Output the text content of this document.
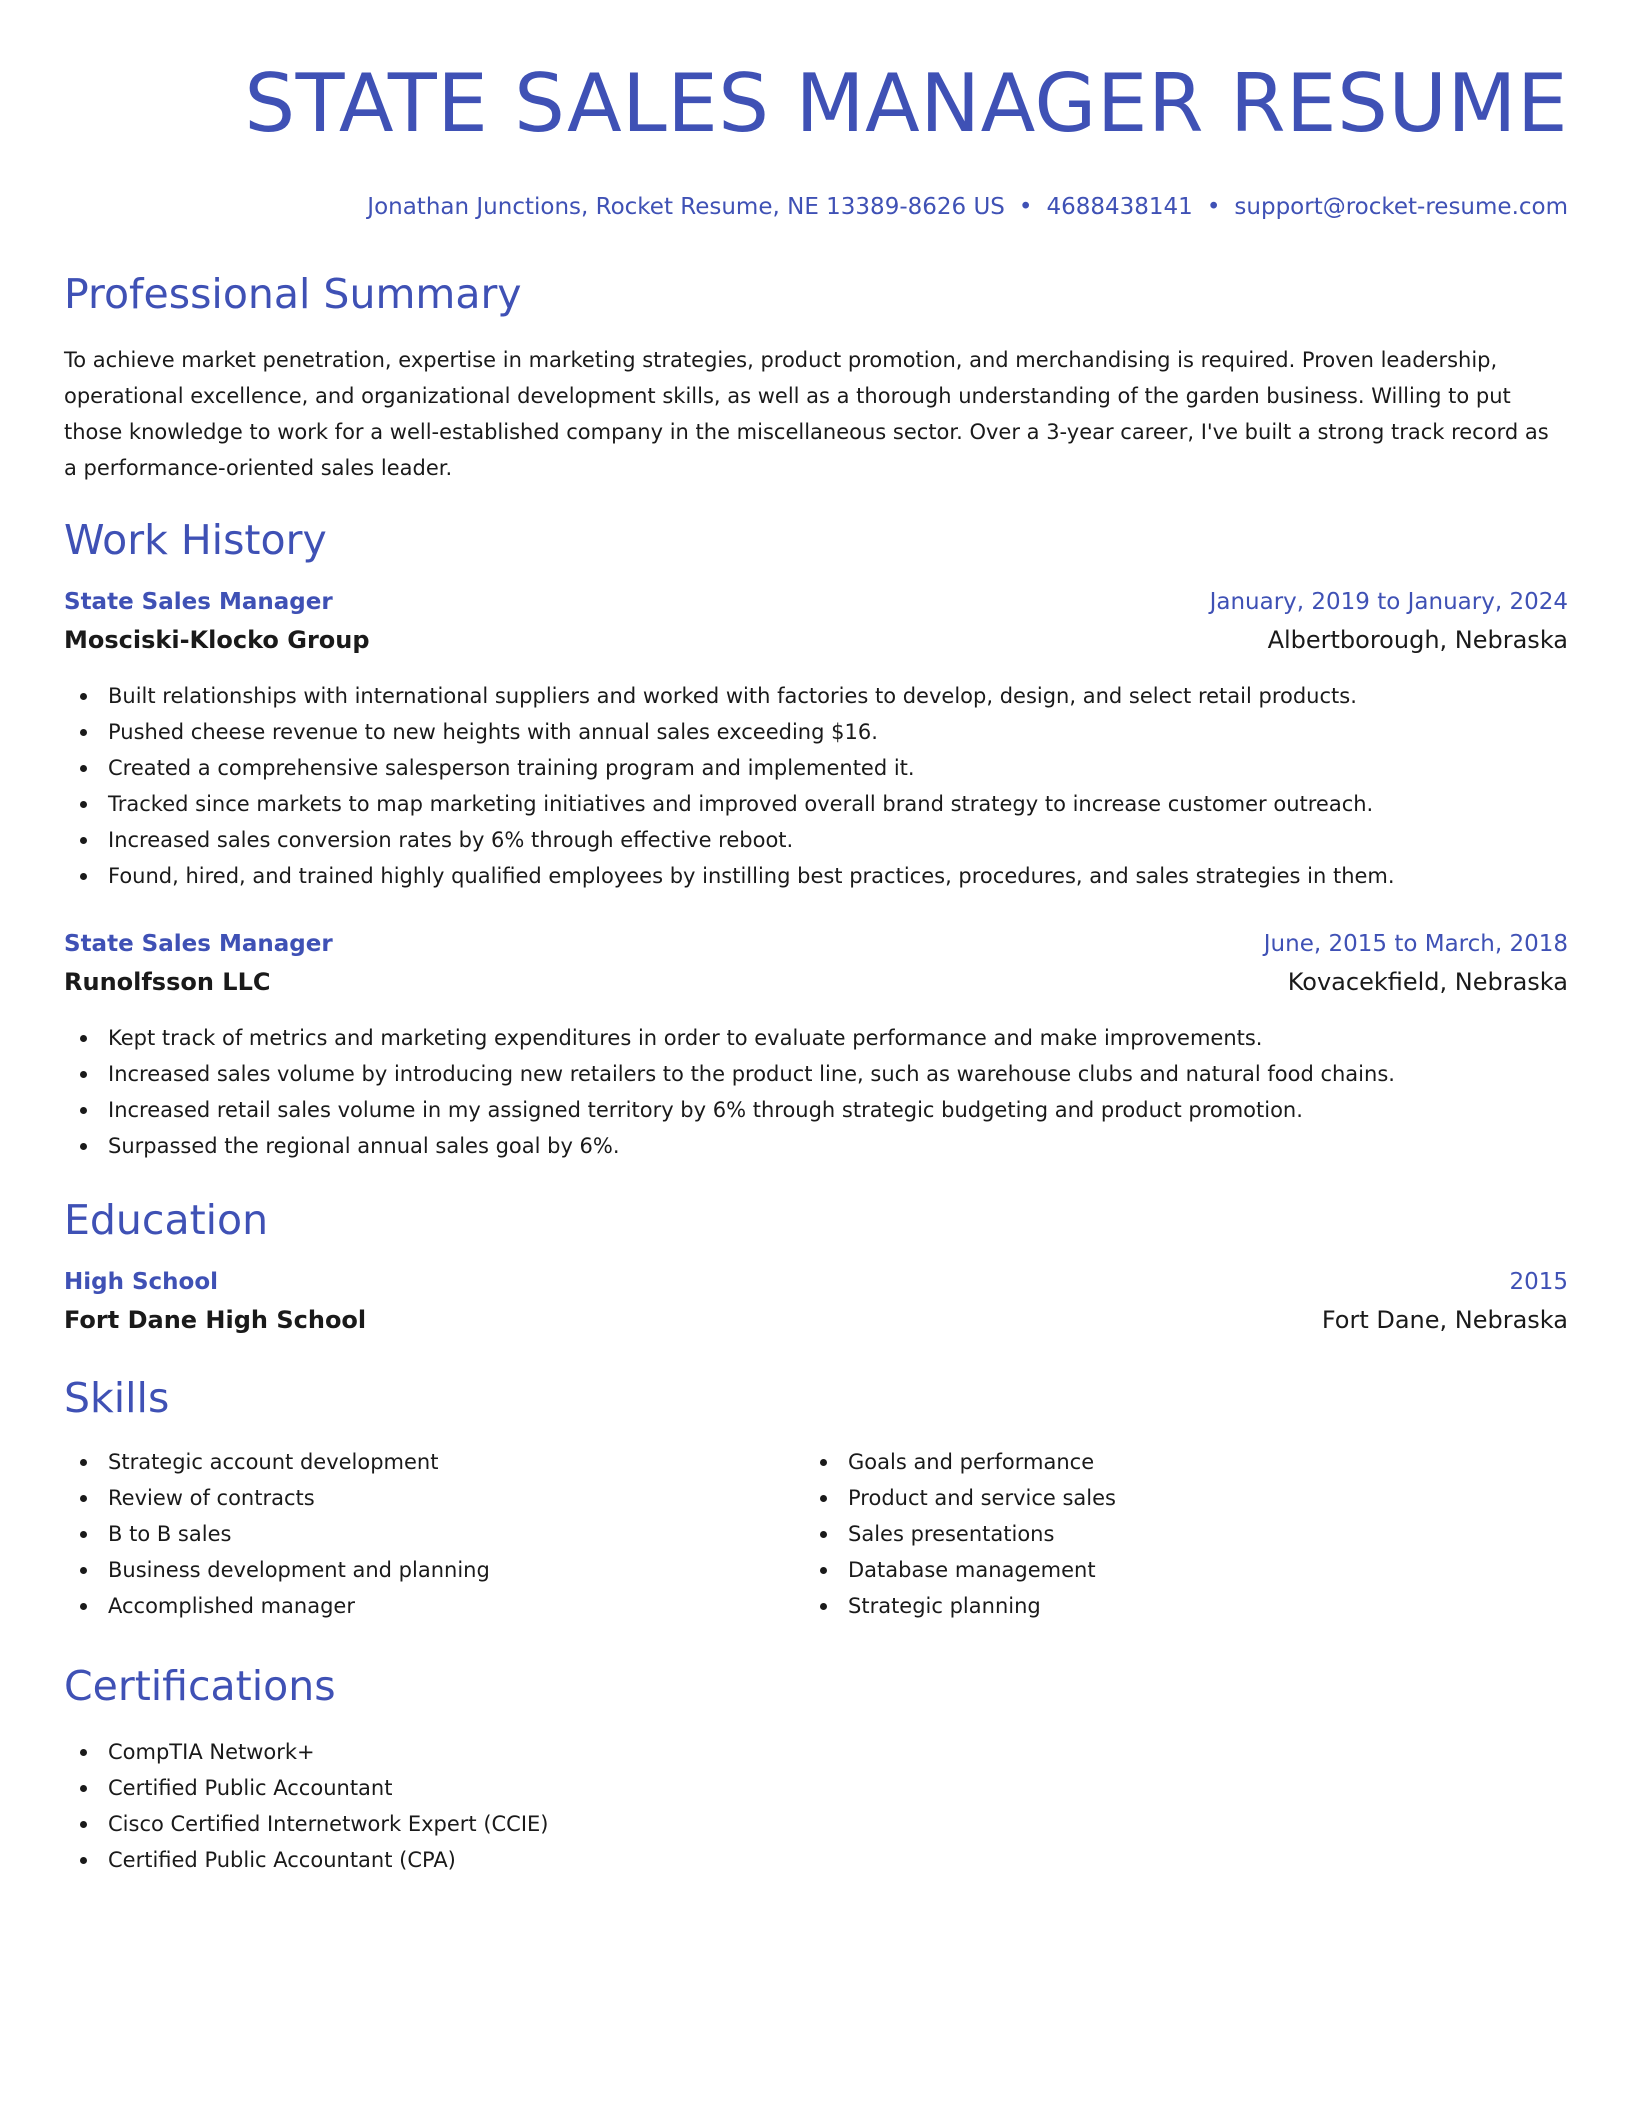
STATE SALES MANAGER RESUME
Jonathan Junctions, Rocket Resume, NE 13389-8626 US • 4688438141 • support@rocket-resume.com
Professional Summary

To achieve market penetration, expertise in marketing strategies, product promotion, and merchandising is required. Proven leadership, operational excellence, and organizational development skills, as well as a thorough understanding of the garden business. Willing to put those knowledge to work for a well-established company in the miscellaneous sector. Over a 3-year career, I've built a strong track record as a performance-oriented sales leader.

Work History
State Sales Manager	January, 2019 to January, 2024
Mosciski-Klocko Group	Albertborough, Nebraska
Built relationships with international suppliers and worked with factories to develop, design, and select retail products.
Pushed cheese revenue to new heights with annual sales exceeding $16.
Created a comprehensive salesperson training program and implemented it.
Tracked since markets to map marketing initiatives and improved overall brand strategy to increase customer outreach.
Increased sales conversion rates by 6% through effective reboot.
Found, hired, and trained highly qualified employees by instilling best practices, procedures, and sales strategies in them.
State Sales Manager	June, 2015 to March, 2018
Runolfsson LLC	Kovacekfield, Nebraska
Kept track of metrics and marketing expenditures in order to evaluate performance and make improvements.
Increased sales volume by introducing new retailers to the product line, such as warehouse clubs and natural food chains.
Increased retail sales volume in my assigned territory by 6% through strategic budgeting and product promotion.
Surpassed the regional annual sales goal by 6%.
Education
High School	2015
Fort Dane High School	Fort Dane, Nebraska
Skills
Strategic account development
Review of contracts
B to B sales
Business development and planning
Accomplished manager
Goals and performance
Product and service sales
Sales presentations
Database management
Strategic planning
Certifications
CompTIA Network+
Certified Public Accountant
Cisco Certified Internetwork Expert (CCIE)
Certified Public Accountant (CPA)
